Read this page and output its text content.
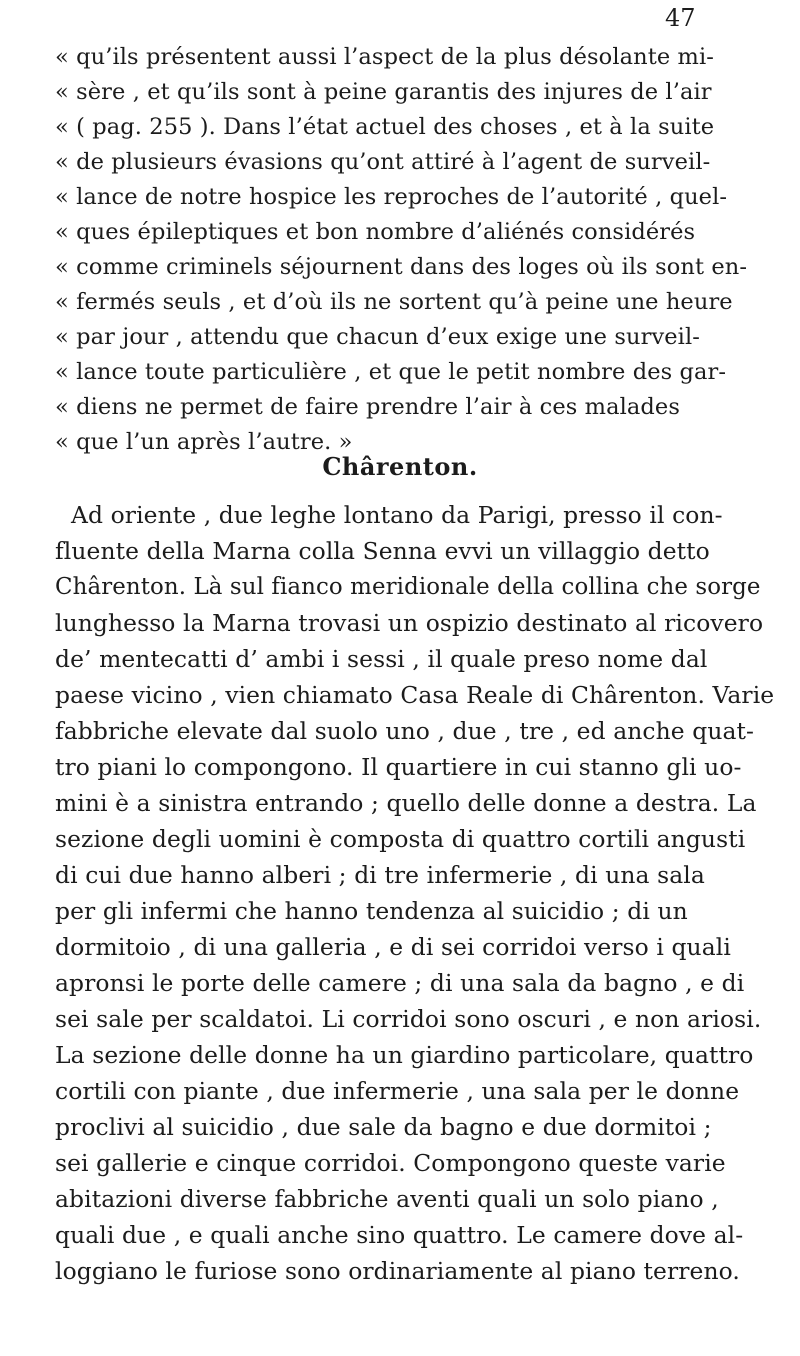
47
« qu’ils présentent aussi l’aspect de la plus désolante mi-
« sère , et qu’ils sont à peine garantis des injures de l’air
« ( pag. 255 ). Dans l’état actuel des choses , et à la suite
« de plusieurs évasions qu’ont attiré à l’agent de surveil-
« lance de notre hospice les reproches de l’autorité , quel-
« ques épileptiques et bon nombre d’aliénés considérés
« comme criminels séjournent dans des loges où ils sont en-
« fermés seuls , et d’où ils ne sortent qu’à peine une heure
« par jour , attendu que chacun d’eux exige une surveil-
« lance toute particulière , et que le petit nombre des gar-
« diens ne permet de faire prendre l’air à ces malades
« que l’un après l’autre. »
Chârenton.
Ad oriente , due leghe lontano da Parigi, presso il con-
fluente della Marna colla Senna evvi un villaggio detto
Chârenton. Là sul fianco meridionale della collina che sorge
lunghesso la Marna trovasi un ospizio destinato al ricovero
de’ mentecatti d’ ambi i sessi , il quale preso nome dal
paese vicino , vien chiamato Casa Reale di Chârenton. Varie
fabbriche elevate dal suolo uno , due , tre , ed anche quat-
tro piani lo compongono. Il quartiere in cui stanno gli uo-
mini è a sinistra entrando ; quello delle donne a destra. La
sezione degli uomini è composta di quattro cortili angusti
di cui due hanno alberi ; di tre infermerie , di una sala
per gli infermi che hanno tendenza al suicidio ; di un
dormitoio , di una galleria , e di sei corridoi verso i quali
apronsi le porte delle camere ; di una sala da bagno , e di
sei sale per scaldatoi. Li corridoi sono oscuri , e non ariosi.
La sezione delle donne ha un giardino particolare, quattro
cortili con piante , due infermerie , una sala per le donne
proclivi al suicidio , due sale da bagno e due dormitoi ;
sei gallerie e cinque corridoi. Compongono queste varie
abitazioni diverse fabbriche aventi quali un solo piano ,
quali due , e quali anche sino quattro. Le camere dove al-
loggiano le furiose sono ordinariamente al piano terreno.
